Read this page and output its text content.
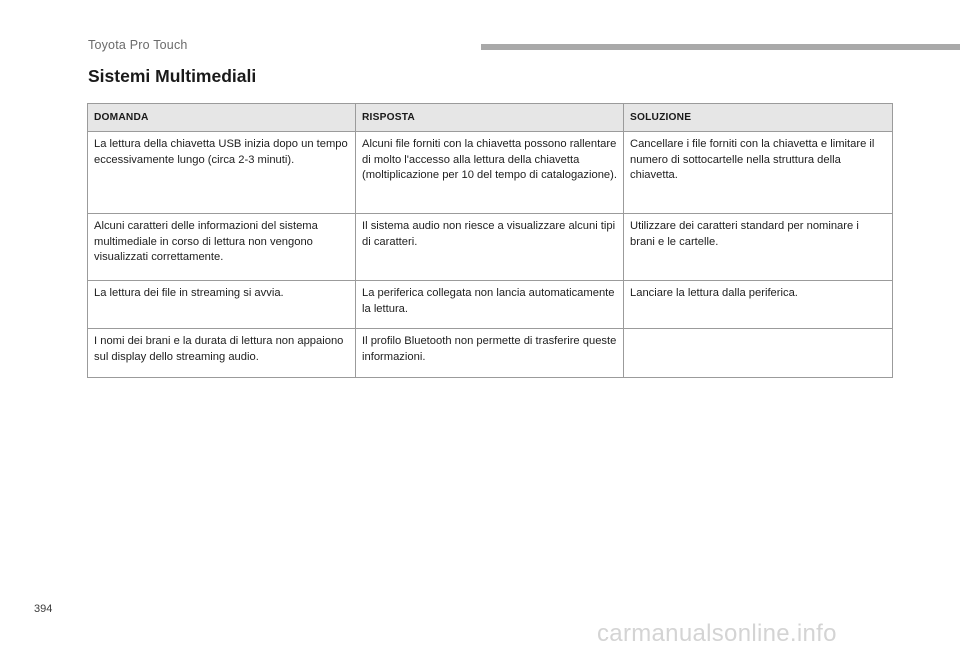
Toyota Pro Touch
Sistemi Multimediali
DOMANDA	RISPOSTA	SOLUZIONE
La lettura della chiavetta USB inizia dopo un tempo eccessivamente lungo (circa 2-3 minuti).	Alcuni file forniti con la chiavetta possono rallentare di molto l'accesso alla lettura della chiavetta (moltiplicazione per 10 del tempo di catalogazione).	Cancellare i file forniti con la chiavetta e limitare il numero di sottocartelle nella struttura della chiavetta.
Alcuni caratteri delle informazioni del sistema multimediale in corso di lettura non vengono visualizzati correttamente.	Il sistema audio non riesce a visualizzare alcuni tipi di caratteri.	Utilizzare dei caratteri standard per nominare i brani e le cartelle.
La lettura dei file in streaming si avvia.	La periferica collegata non lancia automaticamente la lettura.	Lanciare la lettura dalla periferica.
I nomi dei brani e la durata di lettura non appaiono sul display dello streaming audio.	Il profilo Bluetooth non permette di trasferire queste informazioni.	
394
carmanualsonline.info
